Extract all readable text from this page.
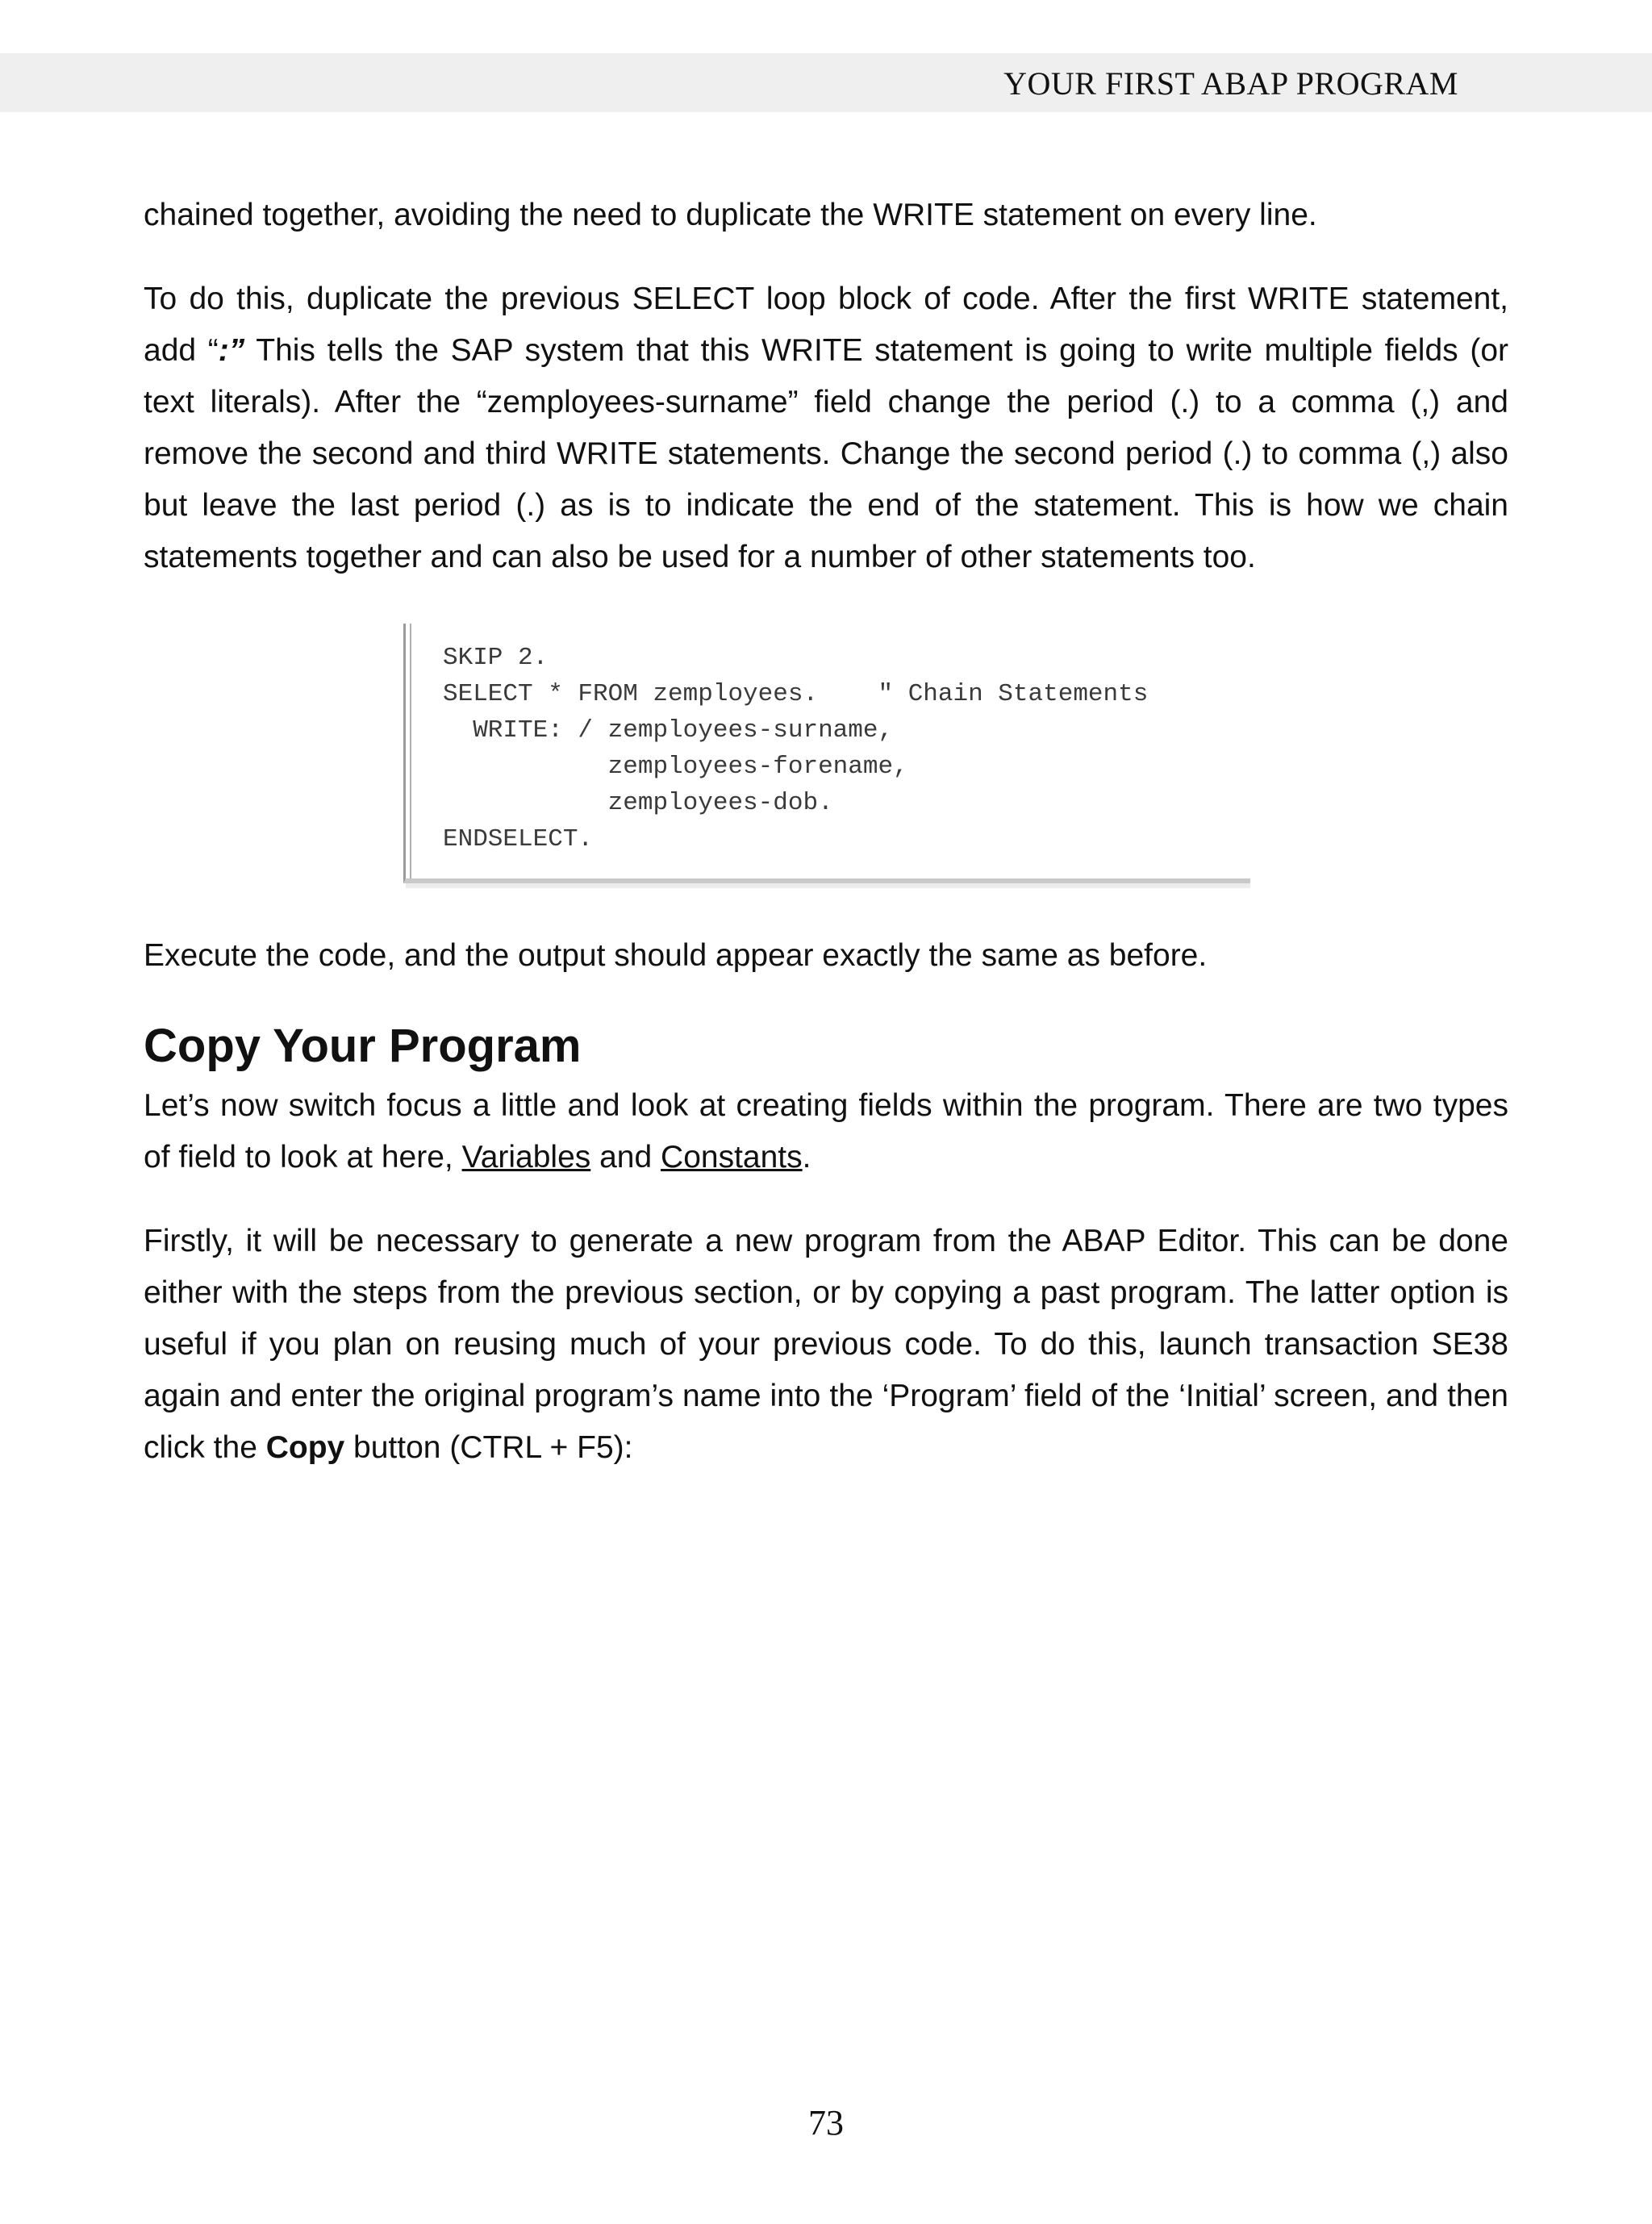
YOUR FIRST ABAP PROGRAM

chained together, avoiding the need to duplicate the WRITE statement on every line.

To do this, duplicate the previous SELECT loop block of code. After the first WRITE statement, add “:” This tells the SAP system that this WRITE statement is going to write multiple fields (or text literals). After the “zemployees-surname” field change the period (.) to a comma (,) and remove the second and third WRITE statements. Change the second period (.) to comma (,) also but leave the last period (.) as is to indicate the end of the statement. This is how we chain statements together and can also be used for a number of other statements too.

SKIP 2.
SELECT * FROM zemployees.    " Chain Statements
WRITE: / zemployees-surname,
zemployees-forename,
zemployees-dob.
ENDSELECT.

Execute the code, and the output should appear exactly the same as before.

Copy Your Program

Let’s now switch focus a little and look at creating fields within the program. There are two types of field to look at here, Variables and Constants.

Firstly, it will be necessary to generate a new program from the ABAP Editor. This can be done either with the steps from the previous section, or by copying a past program. The latter option is useful if you plan on reusing much of your previous code. To do this, launch transaction SE38 again and enter the original program’s name into the ‘Program’ field of the ‘Initial’ screen, and then click the Copy button (CTRL + F5):

73
